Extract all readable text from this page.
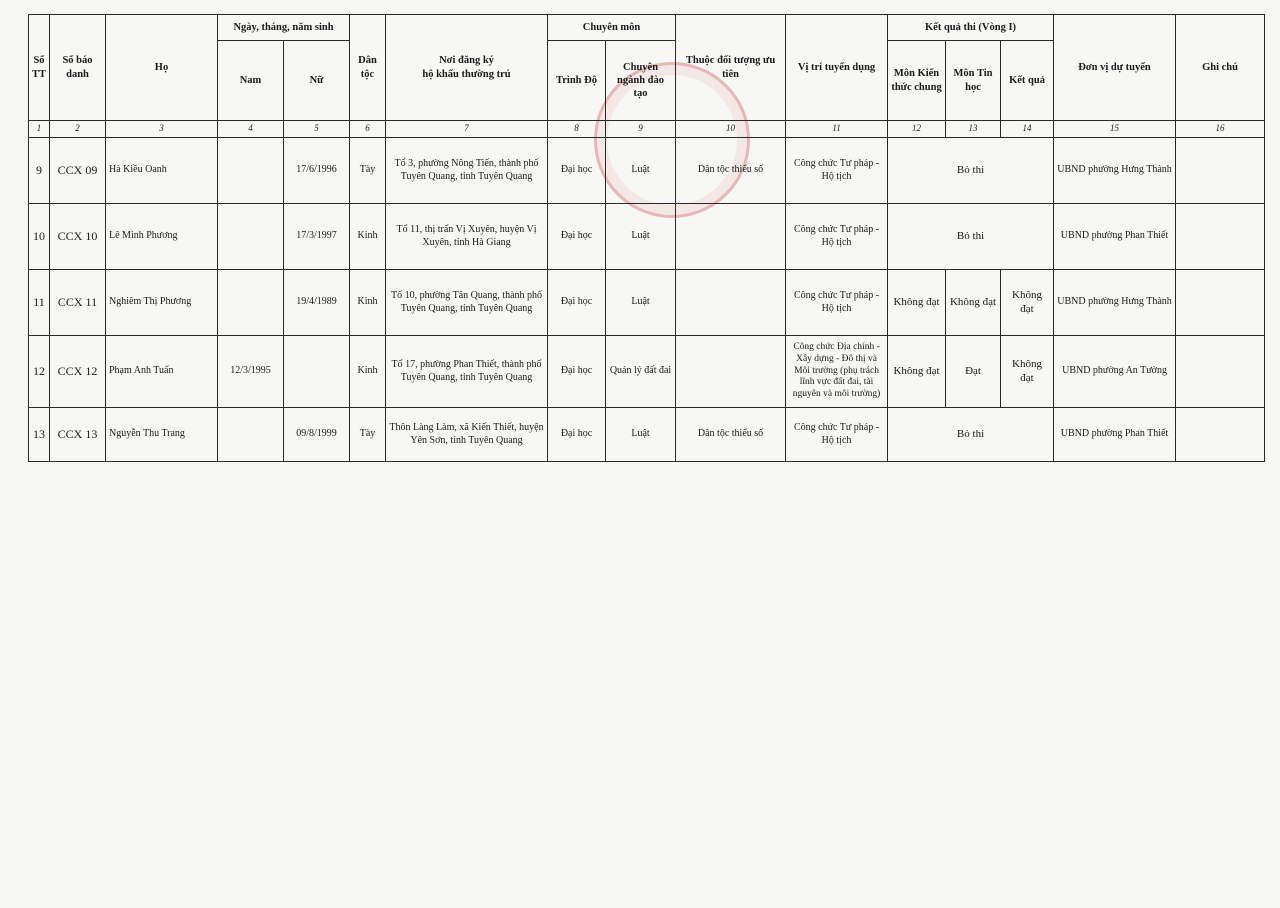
Số TT	Số báo danh	Họ	Ngày, tháng, năm sinh		Dân tộc	Nơi đăng ký
hộ khẩu thường trú	Chuyên môn		Thuộc đối tượng ưu tiên	Vị trí tuyển dụng	Kết quả thi (Vòng I)			Đơn vị dự tuyển	Ghi chú
			Nam	Nữ			Trình Độ	Chuyên ngành đào tạo			Môn Kiến thức chung	Môn Tin học	Kết quả		

1	2	3	4	5	6	7	8	9	10	11	12	13	14	15	16
9	CCX 09	Hà Kiều Oanh		17/6/1996	Tày	Tổ 3, phường Nông Tiến, thành phố Tuyên Quang, tỉnh Tuyên Quang	Đại học	Luật	Dân tộc thiểu số	Công chức Tư pháp - Hộ tịch	Bỏ thi			UBND phường Hưng Thành	
10	CCX 10	Lê Minh Phương		17/3/1997	Kinh	Tổ 11, thị trấn Vị Xuyên, huyện Vị Xuyên, tỉnh Hà Giang	Đại học	Luật		Công chức Tư pháp - Hộ tịch	Bỏ thi			UBND phường Phan Thiết	
11	CCX 11	Nghiêm Thị Phương		19/4/1989	Kinh	Tổ 10, phường Tân Quang, thành phố Tuyên Quang, tỉnh Tuyên Quang	Đại học	Luật		Công chức Tư pháp - Hộ tịch	Không đạt	Không đạt	Không đạt	UBND phường Hưng Thành	
12	CCX 12	Phạm Anh Tuấn	12/3/1995		Kinh	Tổ 17, phường Phan Thiết, thành phố Tuyên Quang, tỉnh Tuyên Quang	Đại học	Quản lý đất đai		Công chức Địa chính - Xây dựng - Đô thị và Môi trường (phụ trách lĩnh vực đất đai, tài nguyên và môi trường)	Không đạt	Đạt	Không đạt	UBND phường An Tường	
13	CCX 13	Nguyễn Thu Trang		09/8/1999	Tày	Thôn Làng Làm, xã Kiến Thiết, huyện Yên Sơn, tỉnh Tuyên Quang	Đại học	Luật	Dân tộc thiểu số	Công chức Tư pháp - Hộ tịch	Bỏ thi			UBND phường Phan Thiết	
